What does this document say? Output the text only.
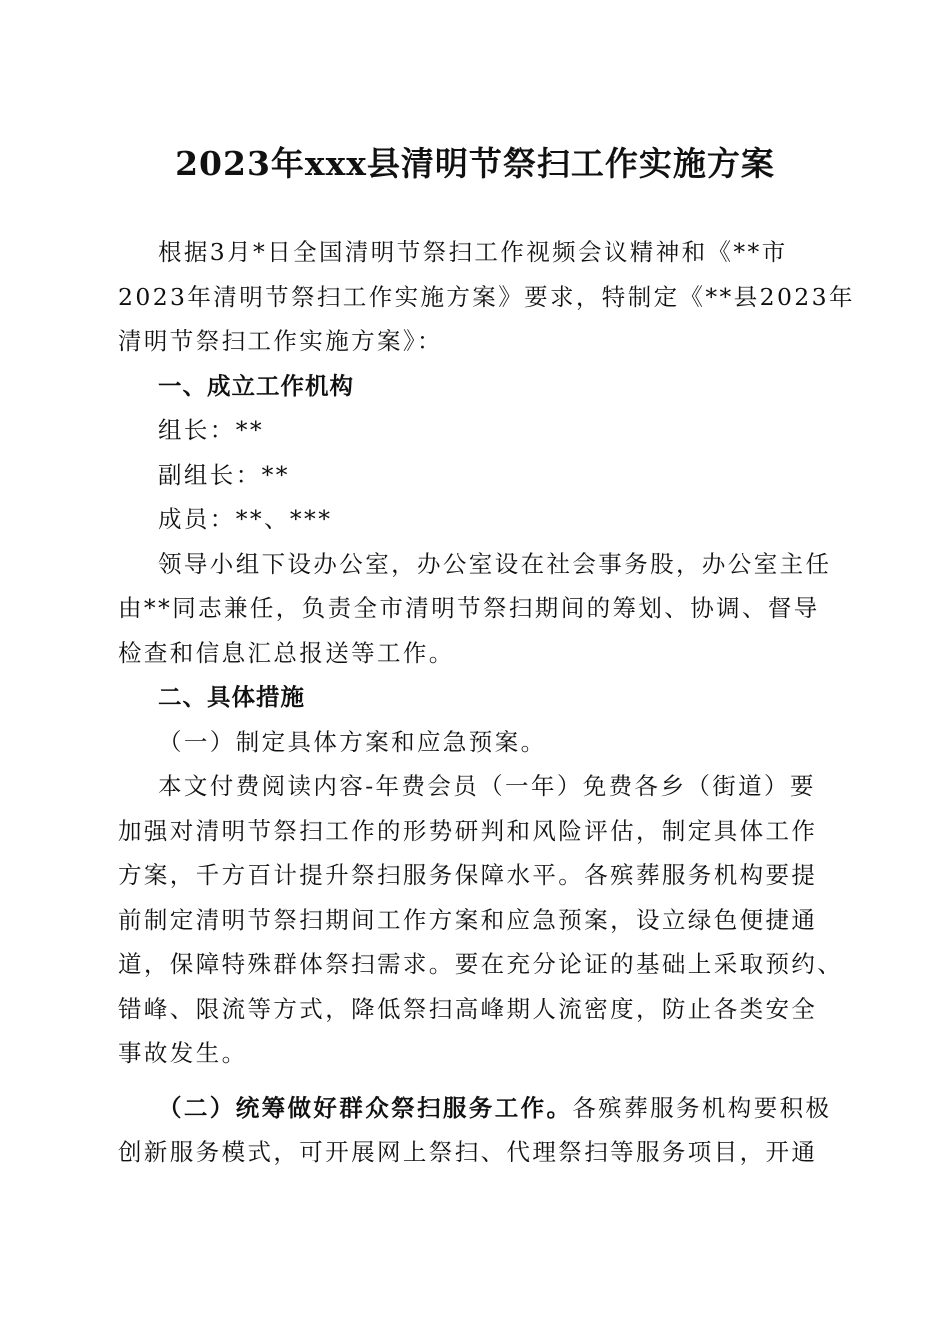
2023年xxx县清明节祭扫工作实施方案
根据3月*日全国清明节祭扫工作视频会议精神和《**市
2023年清明节祭扫工作实施方案》要求，特制定《**县2023年
清明节祭扫工作实施方案》：
一、成立工作机构
组长：**
副组长：**
成员：**、***
领导小组下设办公室，办公室设在社会事务股，办公室主任
由**同志兼任，负责全市清明节祭扫期间的筹划、协调、督导
检查和信息汇总报送等工作。
二、具体措施
（一）制定具体方案和应急预案。
本文付费阅读内容-年费会员（一年）免费各乡（街道）要
加强对清明节祭扫工作的形势研判和风险评估，制定具体工作
方案，千方百计提升祭扫服务保障水平。各殡葬服务机构要提
前制定清明节祭扫期间工作方案和应急预案，设立绿色便捷通
道，保障特殊群体祭扫需求。要在充分论证的基础上采取预约、
错峰、限流等方式，降低祭扫高峰期人流密度，防止各类安全
事故发生。
（二）统筹做好群众祭扫服务工作。各殡葬服务机构要积极
创新服务模式，可开展网上祭扫、代理祭扫等服务项目，开通
